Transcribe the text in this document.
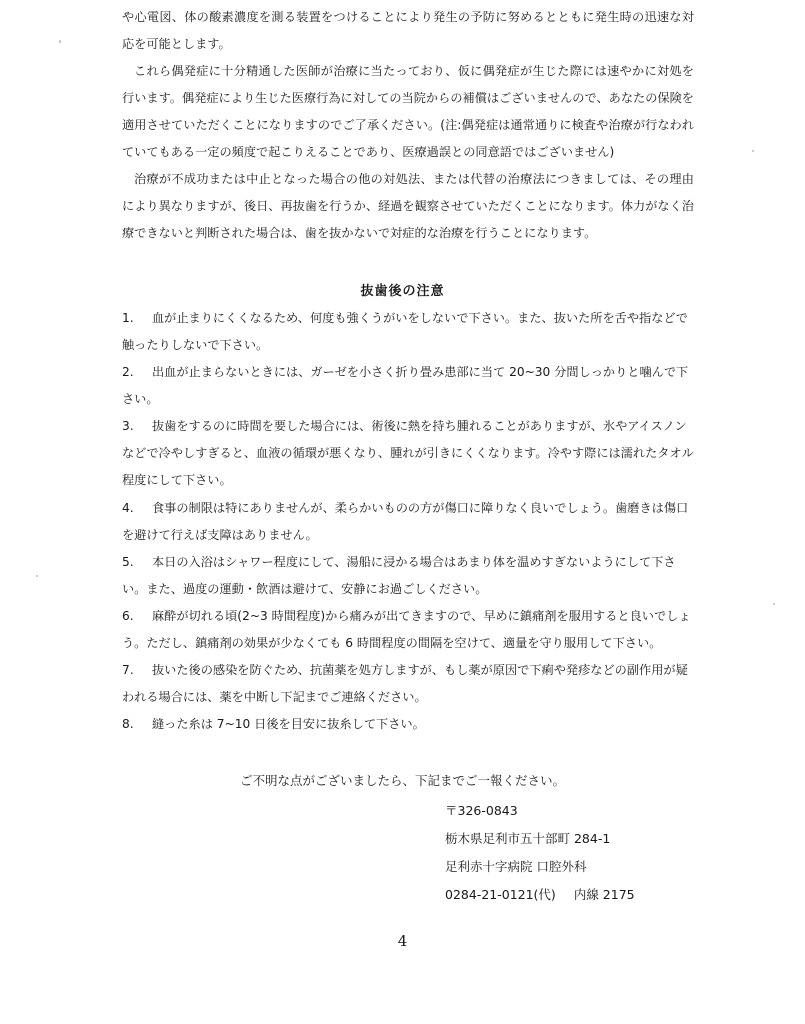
や心電図、体の酸素濃度を測る装置をつけることにより発生の予防に努めるとともに発生時の迅速な対応を可能とします。

これら偶発症に十分精通した医師が治療に当たっており、仮に偶発症が生じた際には速やかに対処を行います。偶発症により生じた医療行為に対しての当院からの補償はございませんので、あなたの保険を適用させていただくことになりますのでご了承ください。(注:偶発症は通常通りに検査や治療が行なわれていてもある一定の頻度で起こりえることであり、医療過誤との同意語ではございません)

治療が不成功または中止となった場合の他の対処法、または代替の治療法につきましては、その理由により異なりますが、後日、再抜歯を行うか、経過を観察させていただくことになります。体力がなく治療できないと判断された場合は、歯を抜かないで対症的な治療を行うことになります。

抜歯後の注意
1. 血が止まりにくくなるため、何度も強くうがいをしないで下さい。また、抜いた所を舌や指などで触ったりしないで下さい。
2. 出血が止まらないときには、ガーゼを小さく折り畳み患部に当て 20~30 分間しっかりと噛んで下さい。
3. 抜歯をするのに時間を要した場合には、術後に熱を持ち腫れることがありますが、氷やアイスノンなどで冷やしすぎると、血液の循環が悪くなり、腫れが引きにくくなります。冷やす際には濡れたタオル程度にして下さい。
4. 食事の制限は特にありませんが、柔らかいものの方が傷口に障りなく良いでしょう。歯磨きは傷口を避けて行えば支障はありません。
5. 本日の入浴はシャワー程度にして、湯船に浸かる場合はあまり体を温めすぎないようにして下さい。また、過度の運動・飲酒は避けて、安静にお過ごしください。
6. 麻酔が切れる頃(2~3 時間程度)から痛みが出てきますので、早めに鎮痛剤を服用すると良いでしょう。ただし、鎮痛剤の効果が少なくても 6 時間程度の間隔を空けて、適量を守り服用して下さい。
7. 抜いた後の感染を防ぐため、抗菌薬を処方しますが、もし薬が原因で下痢や発疹などの副作用が疑われる場合には、薬を中断し下記までご連絡ください。
8. 縫った糸は 7~10 日後を目安に抜糸して下さい。
ご不明な点がございましたら、下記までご一報ください。
〒326-0843
栃木県足利市五十部町 284-1
足利赤十字病院 口腔外科
0284-21-0121(代) 内線 2175
4
